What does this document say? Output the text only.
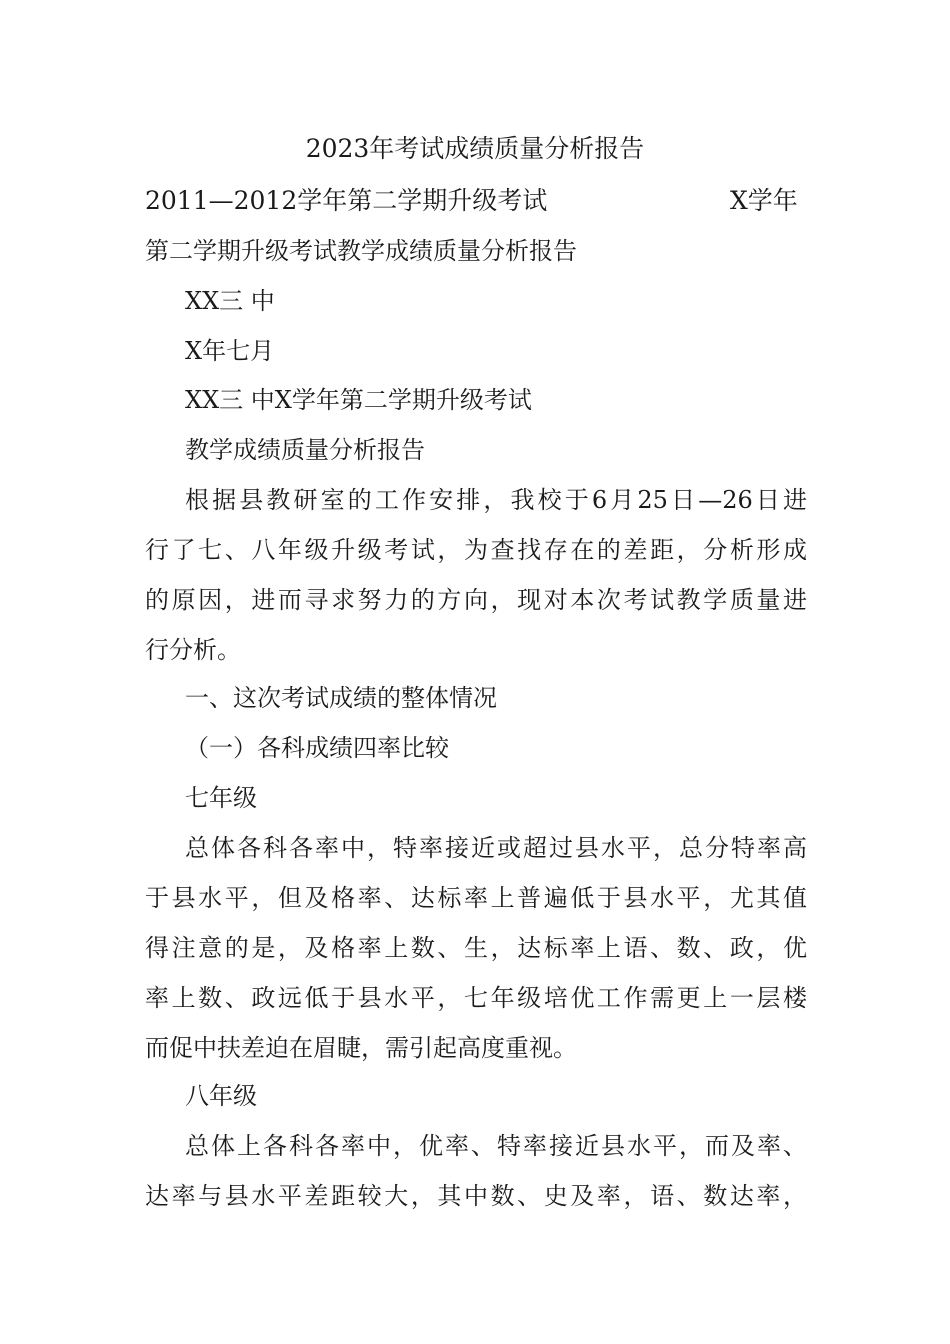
2023年考试成绩质量分析报告
2011—2012学年第二学期升级考试	X学年
第二学期升级考试教学成绩质量分析报告
XX三 中
X年七月
XX三 中X学年第二学期升级考试
教学成绩质量分析报告
根据县教研室的工作安排，我校于6月25日—26日进
行了七、八年级升级考试，为查找存在的差距，分析形成
的原因，进而寻求努力的方向，现对本次考试教学质量进
行分析。
一、这次考试成绩的整体情况
（一）各科成绩四率比较
七年级
总体各科各率中，特率接近或超过县水平，总分特率高
于县水平，但及格率、达标率上普遍低于县水平，尤其值
得注意的是，及格率上数、生，达标率上语、数、政，优
率上数、政远低于县水平，七年级培优工作需更上一层楼
而促中扶差迫在眉睫，需引起高度重视。
八年级
总体上各科各率中，优率、特率接近县水平，而及率、
达率与县水平差距较大，其中数、史及率，语、数达率，
